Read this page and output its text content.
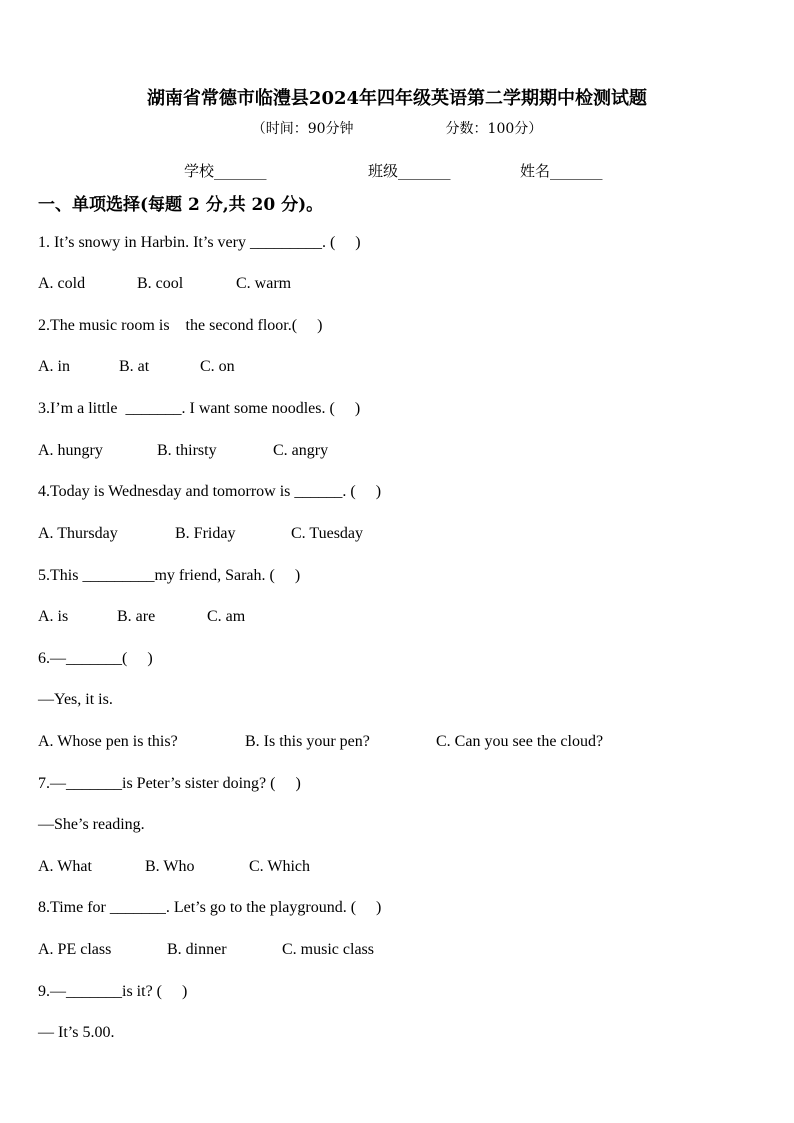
湖南省常德市临澧县2024年四年级英语第二学期期中检测试题
（时间：90分钟	分数：100分）
学校_______	班级_______	姓名_______
一、单项选择(每题 2 分,共 20 分)。
1. It’s snowy in Harbin. It’s very _________. (     )
A. cold	B. cool	C. warm
2.The music room is    the second floor.(     )
A. in	B. at	C. on
3.I’m a little  _______. I want some noodles. (     )
A. hungry	B. thirsty	C. angry
4.Today is Wednesday and tomorrow is ______. (     )
A. Thursday	B. Friday	C. Tuesday
5.This _________my friend, Sarah. (     )
A. is	B. are	C. am
6.—_______(     )
—Yes, it is.
A. Whose pen is this?	B. Is this your pen?	C. Can you see the cloud?
7.—_______is Peter’s sister doing? (     )
—She’s reading.
A. What	B. Who	C. Which
8.Time for _______. Let’s go to the playground. (     )
A. PE class	B. dinner	C. music class
9.—_______is it? (     )
— It’s 5.00.
